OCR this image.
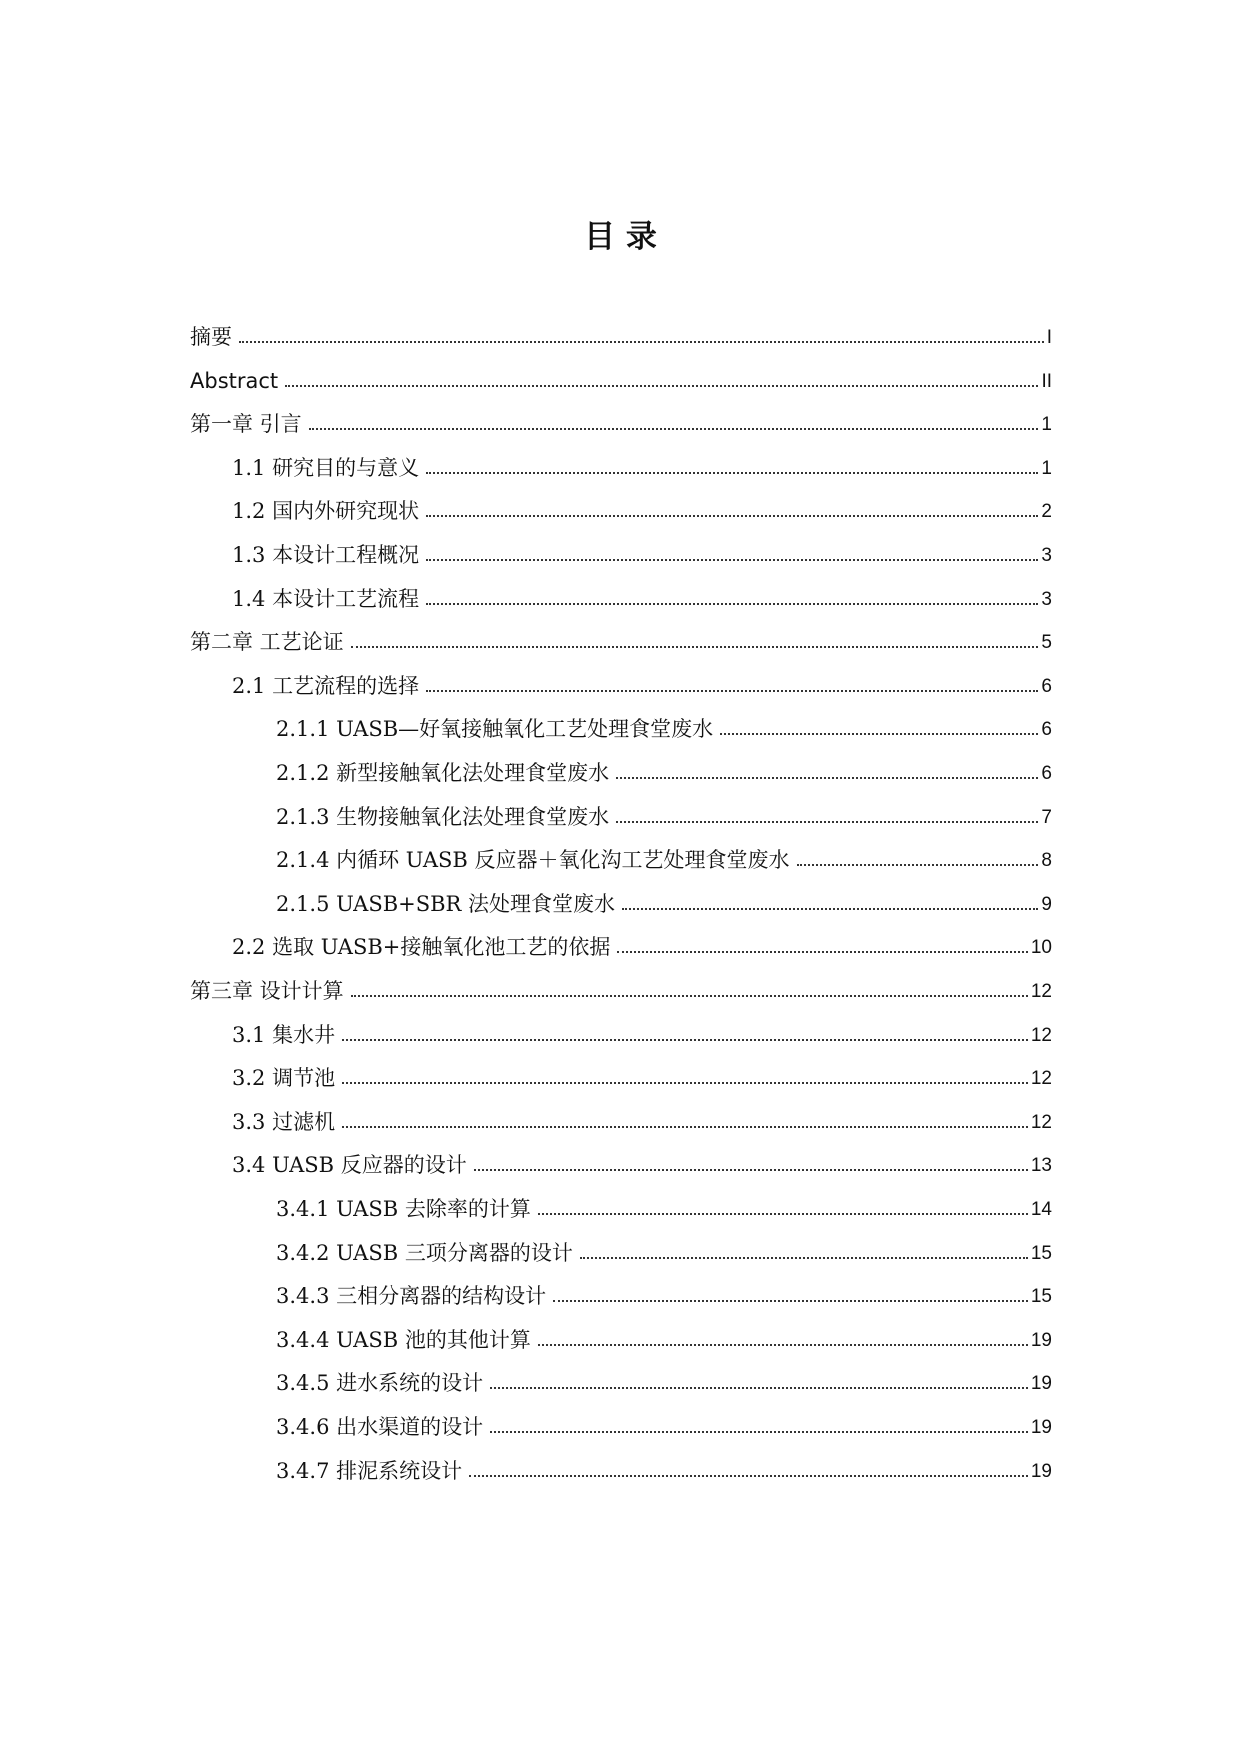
目 录
摘要	I
Abstract	II
第一章 引言	1
1.1 研究目的与意义	1
1.2 国内外研究现状	2
1.3 本设计工程概况	3
1.4 本设计工艺流程	3
第二章 工艺论证	5
2.1 工艺流程的选择	6
2.1.1 UASB—好氧接触氧化工艺处理食堂废水	6
2.1.2 新型接触氧化法处理食堂废水	6
2.1.3 生物接触氧化法处理食堂废水	7
2.1.4 内循环 UASB 反应器＋氧化沟工艺处理食堂废水	8
2.1.5 UASB+SBR 法处理食堂废水	9
2.2 选取 UASB+接触氧化池工艺的依据	10
第三章 设计计算	12
3.1 集水井	12
3.2 调节池	12
3.3 过滤机	12
3.4 UASB 反应器的设计	13
3.4.1 UASB 去除率的计算	14
3.4.2 UASB 三项分离器的设计	15
3.4.3 三相分离器的结构设计	15
3.4.4 UASB 池的其他计算	19
3.4.5 进水系统的设计	19
3.4.6 出水渠道的设计	19
3.4.7 排泥系统设计	19
